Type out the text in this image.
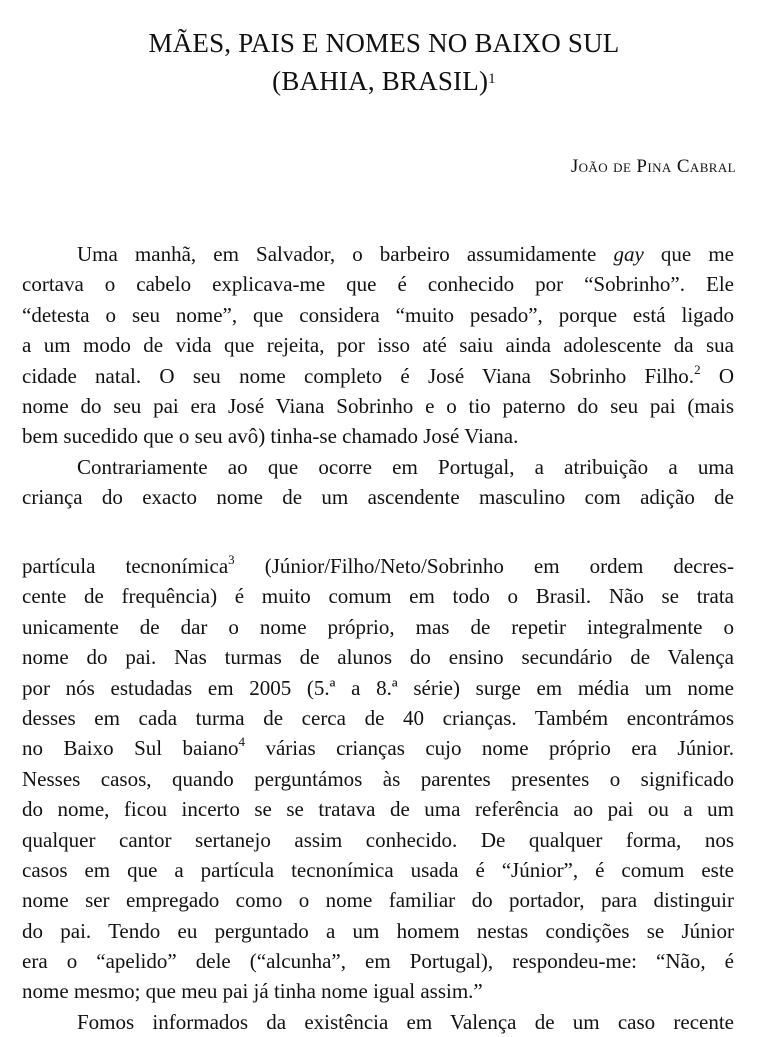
MÃES, PAIS E NOMES NO BAIXO SUL
(BAHIA, BRASIL)$^1$
João de Pina Cabral
Uma manhã, em Salvador, o barbeiro assumidamente gay que me
cortava o cabelo explicava-me que é conhecido por “Sobrinho”. Ele
“detesta o seu nome”, que considera “muito pesado”, porque está ligado
a um modo de vida que rejeita, por isso até saiu ainda adolescente da sua
cidade natal. O seu nome completo é José Viana Sobrinho Filho.$^2$ O
nome do seu pai era José Viana Sobrinho e o tio paterno do seu pai (mais
bem sucedido que o seu avô) tinha-se chamado José Viana.
Contrariamente ao que ocorre em Portugal, a atribuição a uma
criança do exacto nome de um ascendente masculino com adição de
partícula tecnonímica$^3$ (Júnior/Filho/Neto/Sobrinho em ordem decres-
cente de frequência) é muito comum em todo o Brasil. Não se trata
unicamente de dar o nome próprio, mas de repetir integralmente o
nome do pai. Nas turmas de alunos do ensino secundário de Valença
por nós estudadas em 2005 (5.ª a 8.ª série) surge em média um nome
desses em cada turma de cerca de 40 crianças. Também encontrámos
no Baixo Sul baiano$^4$ várias crianças cujo nome próprio era Júnior.
Nesses casos, quando perguntámos às parentes presentes o significado
do nome, ficou incerto se se tratava de uma referência ao pai ou a um
qualquer cantor sertanejo assim conhecido. De qualquer forma, nos
casos em que a partícula tecnonímica usada é “Júnior”, é comum este
nome ser empregado como o nome familiar do portador, para distinguir
do pai. Tendo eu perguntado a um homem nestas condições se Júnior
era o “apelido” dele (“alcunha”, em Portugal), respondeu-me: “Não, é
nome mesmo; que meu pai já tinha nome igual assim.”
Fomos informados da existência em Valença de um caso recente
